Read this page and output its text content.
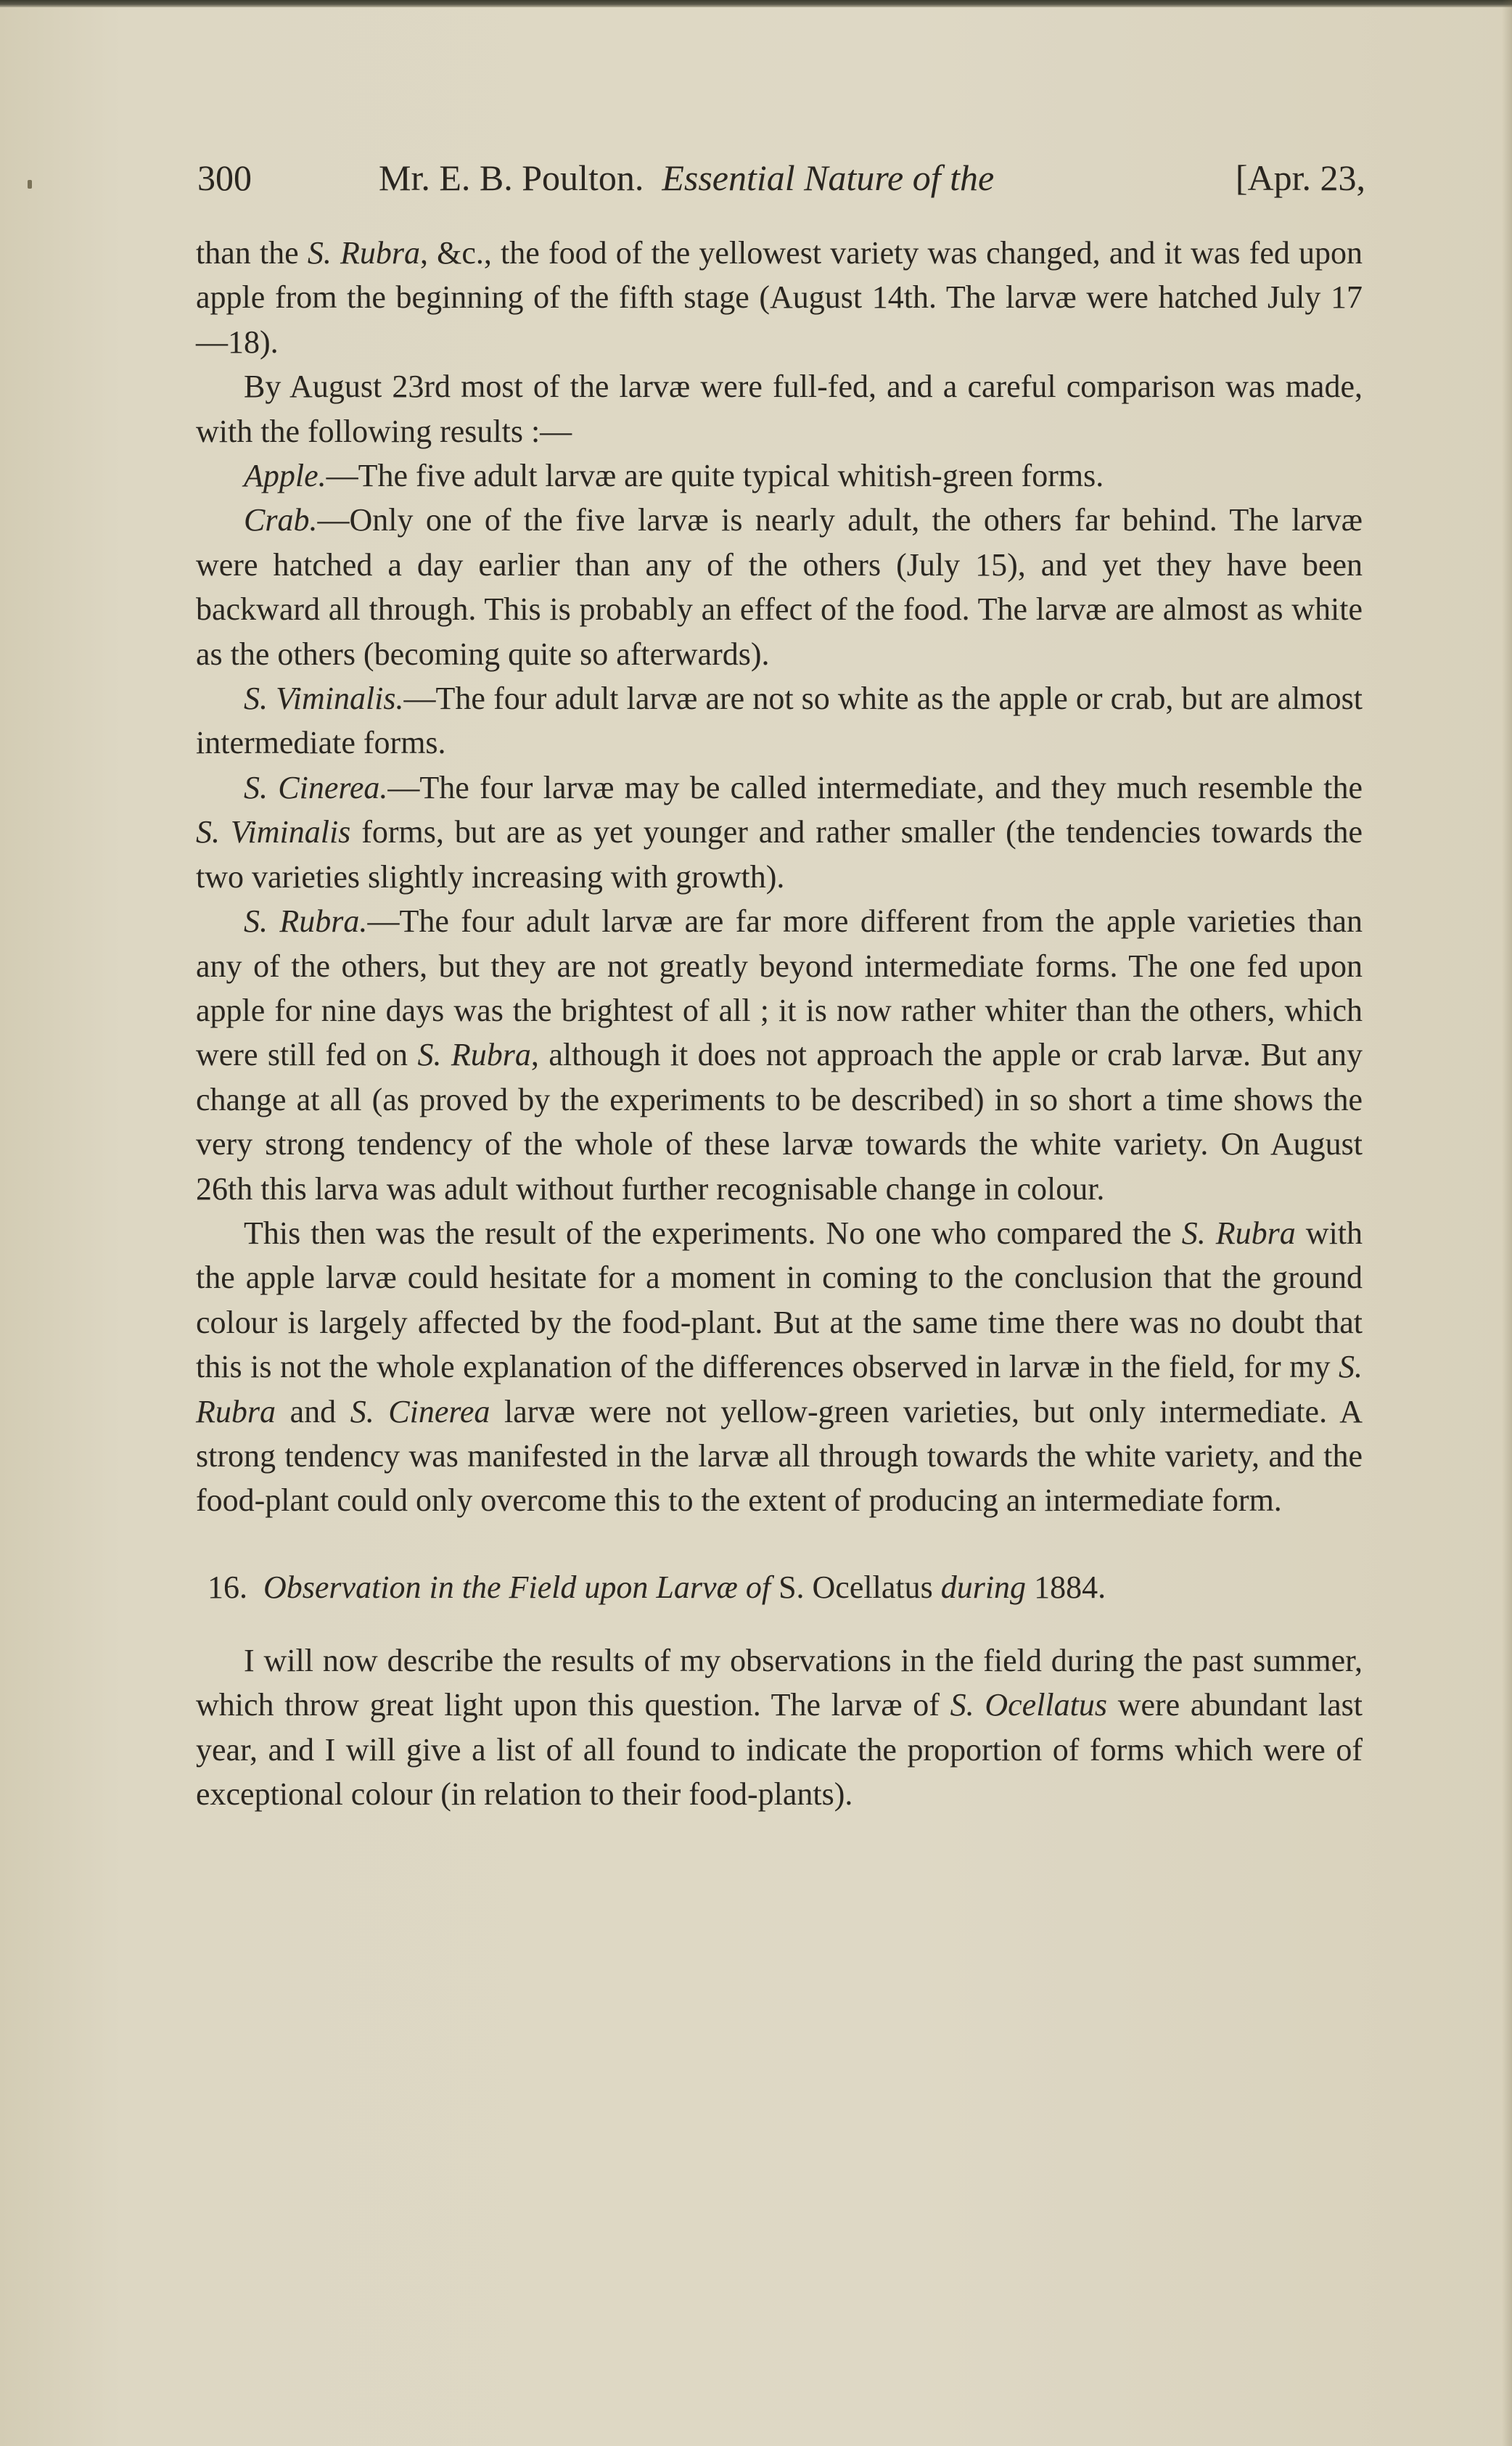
300	Mr. E. B. Poulton. Essential Nature of the	[Apr. 23,

than the S. Rubra, &c., the food of the yellowest variety was changed, and it was fed upon apple from the beginning of the fifth stage (August 14th. The larvæ were hatched July 17—18).

By August 23rd most of the larvæ were full-fed, and a careful comparison was made, with the following results :—

Apple.—The five adult larvæ are quite typical whitish-green forms.

Crab.—Only one of the five larvæ is nearly adult, the others far behind. The larvæ were hatched a day earlier than any of the others (July 15), and yet they have been backward all through. This is probably an effect of the food. The larvæ are almost as white as the others (becoming quite so afterwards).

S. Viminalis.—The four adult larvæ are not so white as the apple or crab, but are almost intermediate forms.

S. Cinerea.—The four larvæ may be called intermediate, and they much resemble the S. Viminalis forms, but are as yet younger and rather smaller (the tendencies towards the two varieties slightly increasing with growth).

S. Rubra.—The four adult larvæ are far more different from the apple varieties than any of the others, but they are not greatly beyond intermediate forms. The one fed upon apple for nine days was the brightest of all ; it is now rather whiter than the others, which were still fed on S. Rubra, although it does not approach the apple or crab larvæ. But any change at all (as proved by the experiments to be described) in so short a time shows the very strong tendency of the whole of these larvæ towards the white variety. On August 26th this larva was adult without further recognisable change in colour.

This then was the result of the experiments. No one who compared the S. Rubra with the apple larvæ could hesitate for a moment in coming to the conclusion that the ground colour is largely affected by the food-plant. But at the same time there was no doubt that this is not the whole explanation of the differences observed in larvæ in the field, for my S. Rubra and S. Cinerea larvæ were not yellow-green varieties, but only intermediate. A strong tendency was manifested in the larvæ all through towards the white variety, and the food-plant could only overcome this to the extent of producing an intermediate form.

16. Observation in the Field upon Larvæ of S. Ocellatus during 1884.

I will now describe the results of my observations in the field during the past summer, which throw great light upon this question. The larvæ of S. Ocellatus were abundant last year, and I will give a list of all found to indicate the proportion of forms which were of exceptional colour (in relation to their food-plants).
